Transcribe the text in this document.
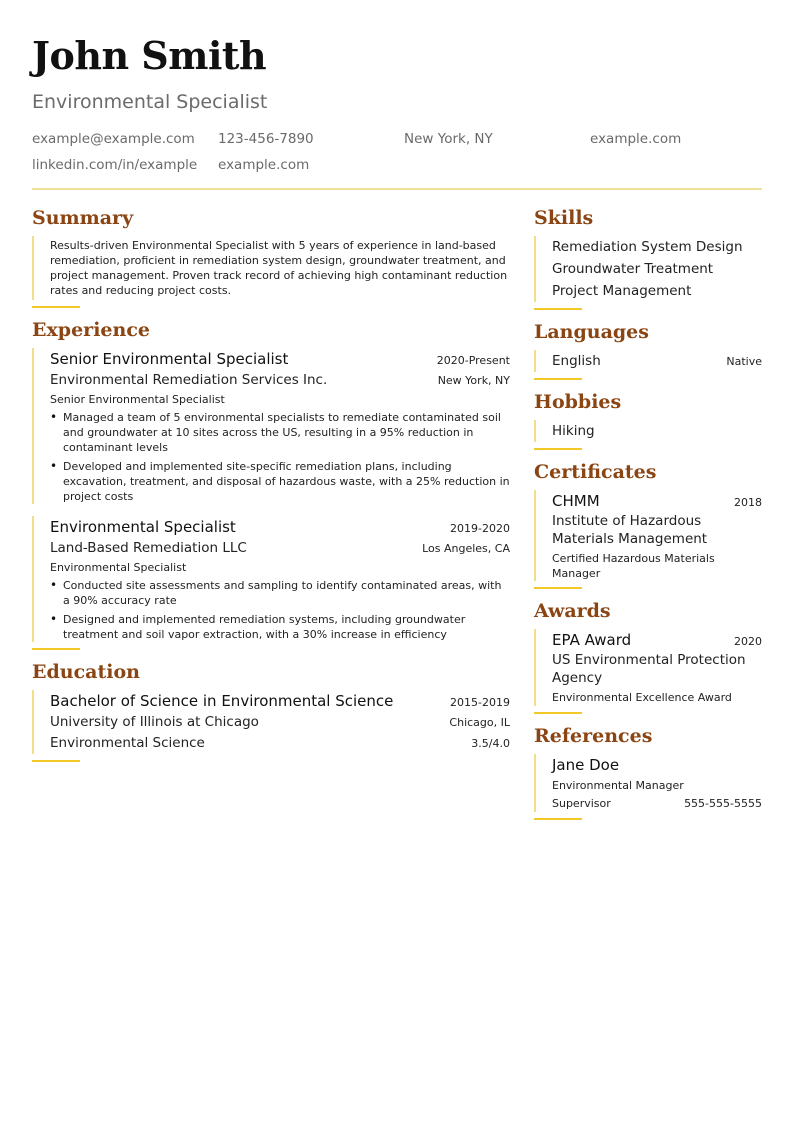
John Smith
Environmental Specialist
example@example.com	123-456-7890	New York, NY	example.com
linkedin.com/in/example	example.com
Summary
Results-driven Environmental Specialist with 5 years of experience in land-based remediation, proficient in remediation system design, groundwater treatment, and project management. Proven track record of achieving high contaminant reduction rates and reducing project costs.
Experience
Senior Environmental Specialist	2020-Present
Environmental Remediation Services Inc.	New York, NY
Senior Environmental Specialist
• Managed a team of 5 environmental specialists to remediate contaminated soil and groundwater at 10 sites across the US, resulting in a 95% reduction in contaminant levels
• Developed and implemented site-specific remediation plans, including excavation, treatment, and disposal of hazardous waste, with a 25% reduction in project costs
Environmental Specialist	2019-2020
Land-Based Remediation LLC	Los Angeles, CA
Environmental Specialist
• Conducted site assessments and sampling to identify contaminated areas, with a 90% accuracy rate
• Designed and implemented remediation systems, including groundwater treatment and soil vapor extraction, with a 30% increase in efficiency
Education
Bachelor of Science in Environmental Science	2015-2019
University of Illinois at Chicago	Chicago, IL
Environmental Science	3.5/4.0
Skills
Remediation System Design
Groundwater Treatment
Project Management
Languages
English	Native
Hobbies
Hiking
Certificates
CHMM	2018
Institute of Hazardous Materials Management
Certified Hazardous Materials Manager
Awards
EPA Award	2020
US Environmental Protection Agency
Environmental Excellence Award
References
Jane Doe
Environmental Manager
Supervisor	555-555-5555
